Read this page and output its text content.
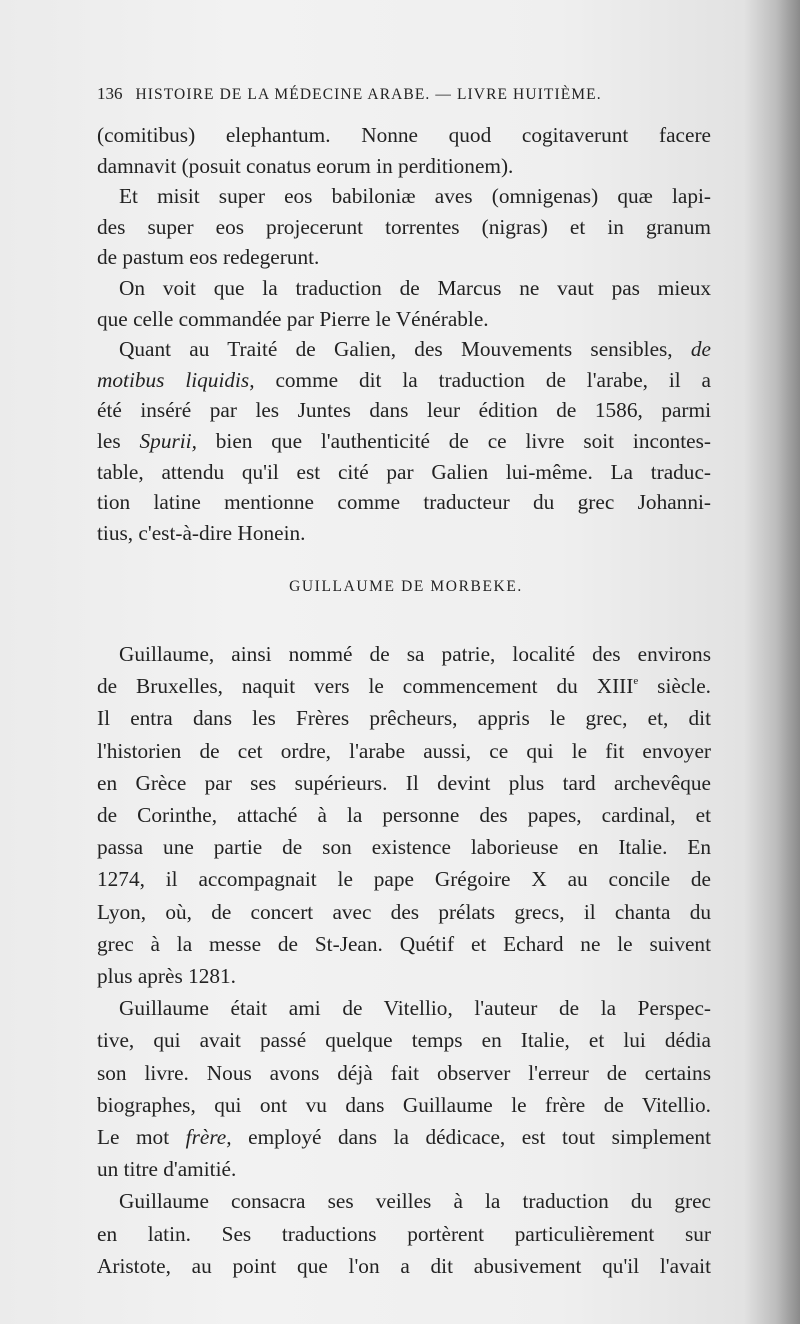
136 HISTOIRE DE LA MÉDECINE ARABE. — LIVRE HUITIÈME.

(comitibus) elephantum. Nonne quod cogitaverunt facere
damnavit (posuit conatus eorum in perditionem).

Et misit super eos babiloniæ aves (omnigenas) quæ lapi-
des super eos projecerunt torrentes (nigras) et in granum
de pastum eos redegerunt.

On voit que la traduction de Marcus ne vaut pas mieux
que celle commandée par Pierre le Vénérable.

Quant au Traité de Galien, des Mouvements sensibles, de
motibus liquidis, comme dit la traduction de l'arabe, il a
été inséré par les Juntes dans leur édition de 1586, parmi
les Spurii, bien que l'authenticité de ce livre soit incontes-
table, attendu qu'il est cité par Galien lui-même. La traduc-
tion latine mentionne comme traducteur du grec Johanni-
tius, c'est-à-dire Honein.

GUILLAUME DE MORBEKE.

Guillaume, ainsi nommé de sa patrie, localité des environs
de Bruxelles, naquit vers le commencement du XIIIe siècle.
Il entra dans les Frères prêcheurs, appris le grec, et, dit
l'historien de cet ordre, l'arabe aussi, ce qui le fit envoyer
en Grèce par ses supérieurs. Il devint plus tard archevêque
de Corinthe, attaché à la personne des papes, cardinal, et
passa une partie de son existence laborieuse en Italie. En
1274, il accompagnait le pape Grégoire X au concile de
Lyon, où, de concert avec des prélats grecs, il chanta du
grec à la messe de St-Jean. Quétif et Echard ne le suivent
plus après 1281.

Guillaume était ami de Vitellio, l'auteur de la Perspec-
tive, qui avait passé quelque temps en Italie, et lui dédia
son livre. Nous avons déjà fait observer l'erreur de certains
biographes, qui ont vu dans Guillaume le frère de Vitellio.
Le mot frère, employé dans la dédicace, est tout simplement
un titre d'amitié.

Guillaume consacra ses veilles à la traduction du grec
en latin. Ses traductions portèrent particulièrement sur
Aristote, au point que l'on a dit abusivement qu'il l'avait
